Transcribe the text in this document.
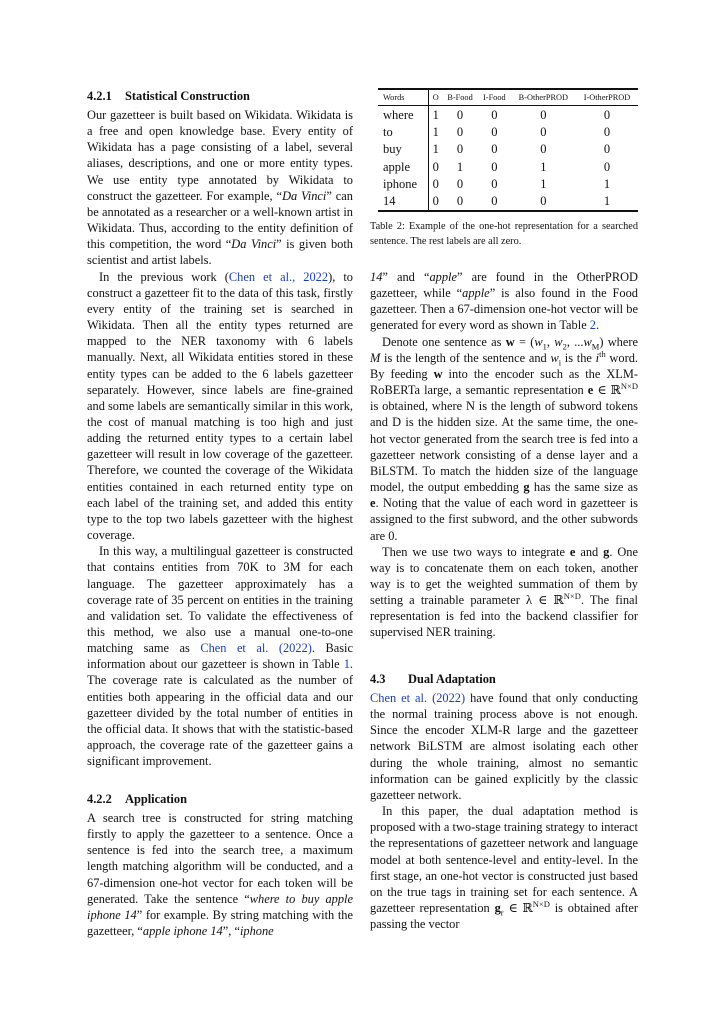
4.2.1 Statistical Construction

Our gazetteer is built based on Wikidata. Wikidata is a free and open knowledge base. Every entity of Wikidata has a page consisting of a label, several aliases, descriptions, and one or more entity types. We use entity type annotated by Wikidata to construct the gazetteer. For example, “Da Vinci” can be annotated as a researcher or a well-known artist in Wikidata. Thus, according to the entity definition of this competition, the word “Da Vinci” is given both scientist and artist labels.

In the previous work (Chen et al., 2022), to construct a gazetteer fit to the data of this task, firstly every entity of the training set is searched in Wikidata. Then all the entity types returned are mapped to the NER taxonomy with 6 labels manually. Next, all Wikidata entities stored in these entity types can be added to the 6 labels gazetteer separately. However, since labels are fine-grained and some labels are semantically similar in this work, the cost of manual matching is too high and just adding the returned entity types to a certain label gazetteer will result in low coverage of the gazetteer. Therefore, we counted the coverage of the Wikidata entities contained in each returned entity type on each label of the training set, and added this entity type to the top two labels gazetteer with the highest coverage.

In this way, a multilingual gazetteer is constructed that contains entities from 70K to 3M for each language. The gazetteer approximately has a coverage rate of 35 percent on entities in the training and validation set. To validate the effectiveness of this method, we also use a manual one-to-one matching same as Chen et al. (2022). Basic information about our gazetteer is shown in Table 1. The coverage rate is calculated as the number of entities both appearing in the official data and our gazetteer divided by the total number of entities in the official data. It shows that with the statistic-based approach, the coverage rate of the gazetteer gains a significant improvement.

4.2.2 Application

A search tree is constructed for string matching firstly to apply the gazetteer to a sentence. Once a sentence is fed into the search tree, a maximum length matching algorithm will be conducted, and a 67-dimension one-hot vector for each token will be generated. Take the sentence “where to buy apple iphone 14” for example. By string matching with the gazetteer, “apple iphone 14”, “iphone

Words	O	B-Food	I-Food	B-OtherPROD	I-OtherPROD
where	1	0	0	0	0
to	1	0	0	0	0
buy	1	0	0	0	0
apple	0	1	0	1	0
iphone	0	0	0	1	1
14	0	0	0	0	1

Table 2: Example of the one-hot representation for a searched sentence. The rest labels are all zero.

14” and “apple” are found in the OtherPROD gazetteer, while “apple” is also found in the Food gazetteer. Then a 67-dimension one-hot vector will be generated for every word as shown in Table 2.

Denote one sentence as $w = (w_1$, $w_2$, $...w_M$) where M is the length of the sentence and $w_i$ is the $i^{th}$ word. By feeding w into the encoder such as the XLM-RoBERTa large, a semantic representation e ∈ ℝ$^{N\times D}$ is obtained, where N is the length of subword tokens and D is the hidden size. At the same time, the one-hot vector generated from the search tree is fed into a gazetteer network consisting of a dense layer and a BiLSTM. To match the hidden size of the language model, the output embedding g has the same size as e. Noting that the value of each word in gazetteer is assigned to the first subword, and the other subwords are 0.

Then we use two ways to integrate e and g. One way is to concatenate them on each token, another way is to get the weighted summation of them by setting a trainable parameter λ ∈ ℝ$^{N\times D}$. The final representation is fed into the backend classifier for supervised NER training.

4.3 Dual Adaptation

Chen et al. (2022) have found that only conducting the normal training process above is not enough. Since the encoder XLM-R large and the gazetteer network BiLSTM are almost isolating each other during the whole training, almost no semantic information can be gained explicitly by the classic gazetteer network.

In this paper, the dual adaptation method is proposed with a two-stage training strategy to interact the representations of gazetteer network and language model at both sentence-level and entity-level. In the first stage, an one-hot vector is constructed just based on the true tags in training set for each sentence. A gazetteer representation $g_r$ ∈ ℝ$^{N\times D}$ is obtained after passing the vector
